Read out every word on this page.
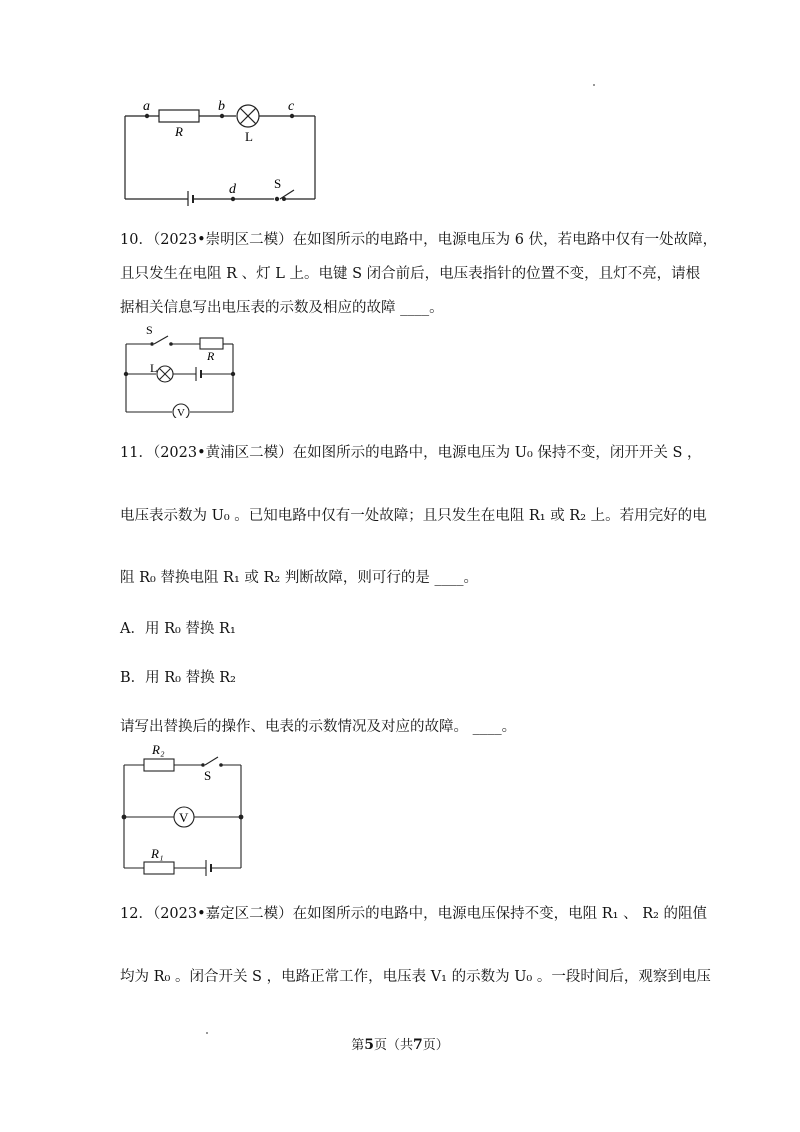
a	b	c
d
R	L
S
10．（2023•崇明区二模）在如图所示的电路中，电源电压为 6 伏，若电路中仅有一处故障，
且只发生在电阻 R 、灯 L 上。电键 S 闭合前后，电压表指针的位置不变，且灯不亮，请根
据相关信息写出电压表的示数及相应的故障 ____。
S
L
R
V
11．（2023•黄浦区二模）在如图所示的电路中，电源电压为 U₀ 保持不变，闭开开关 S ，
电压表示数为 U₀ 。已知电路中仅有一处故障；且只发生在电阻 R₁ 或 R₂ 上。若用完好的电
阻 R₀ 替换电阻 R₁ 或 R₂ 判断故障，则可行的是 ____。
A．用 R₀ 替换 R₁
B．用 R₀ 替换 R₂
请写出替换后的操作、电表的示数情况及对应的故障。 ____。
R₂
S
V
R₁
12．（2023•嘉定区二模）在如图所示的电路中，电源电压保持不变，电阻 R₁ 、 R₂ 的阻值
均为 R₀ 。闭合开关 S ，电路正常工作，电压表 V₁ 的示数为 U₀ 。一段时间后，观察到电压
第5页（共7页）
